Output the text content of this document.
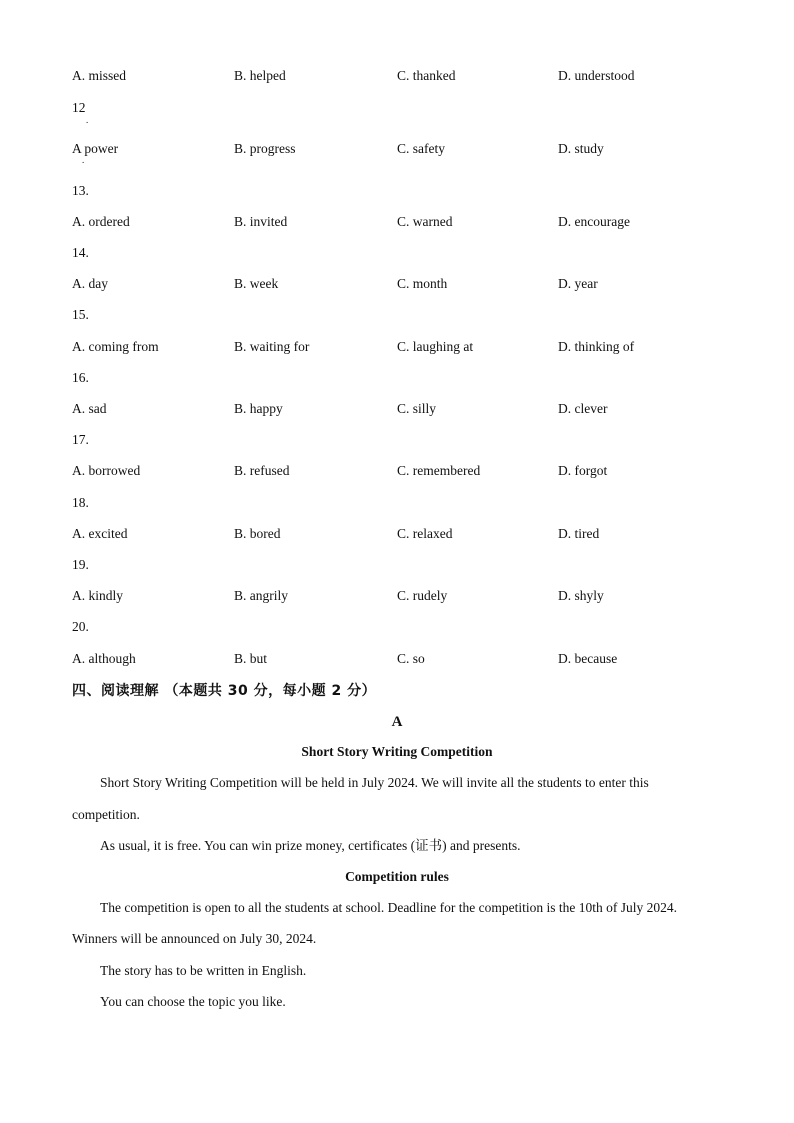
A. missed	B. helped	C. thanked	D. understood
12
.
A power	B. progress	C. safety	D. study
.
13.
A. ordered	B. invited	C. warned	D. encourage
14.
A. day	B. week	C. month	D. year
15.
A. coming from	B. waiting for	C. laughing at	D. thinking of
16.
A. sad	B. happy	C. silly	D. clever
17.
A. borrowed	B. refused	C. remembered	D. forgot
18.
A. excited	B. bored	C. relaxed	D. tired
19.
A. kindly	B. angrily	C. rudely	D. shyly
20.
A. although	B. but	C. so	D. because
四、阅读理解 （本题共 30 分，每小题 2 分）
A
Short Story Writing Competition
Short Story Writing Competition will be held in July 2024. We will invite all the students to enter this
competition.
As usual, it is free. You can win prize money, certificates (证书) and presents.
Competition rules
The competition is open to all the students at school. Deadline for the competition is the 10th of July 2024.
Winners will be announced on July 30, 2024.
The story has to be written in English.
You can choose the topic you like.
